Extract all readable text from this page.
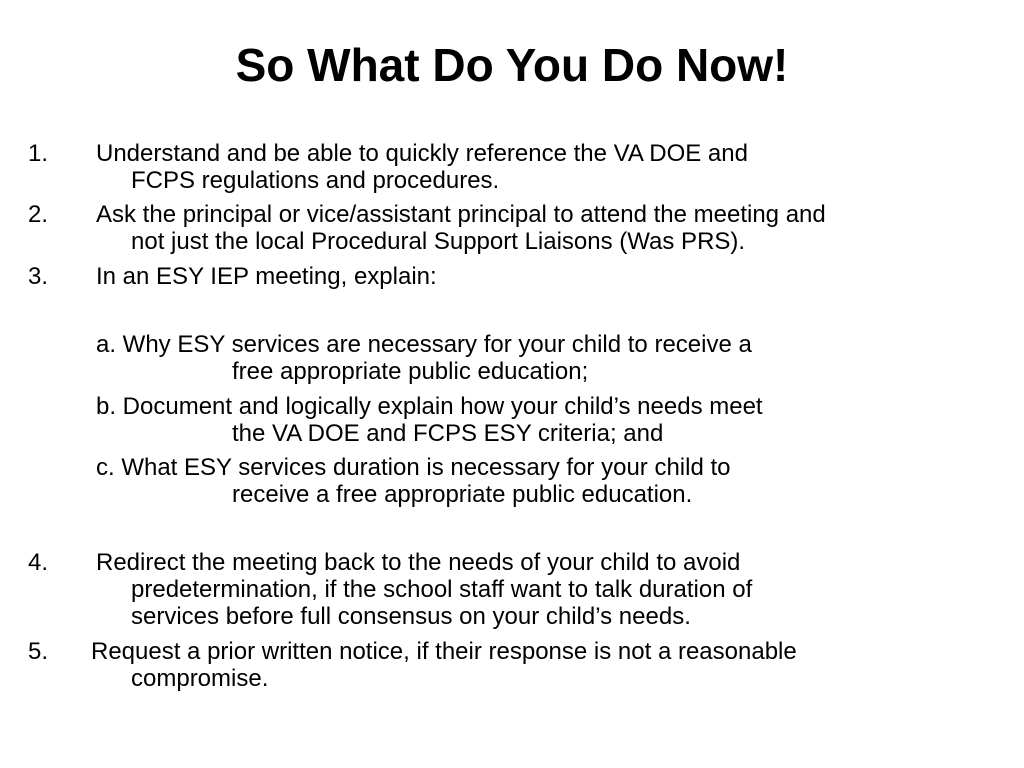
So What Do You Do Now!
1. Understand and be able to quickly reference the VA DOE and
FCPS regulations and procedures.
2. Ask the principal or vice/assistant principal to attend the meeting and
not just the local Procedural Support Liaisons (Was PRS).
3. In an ESY IEP meeting, explain:
a. Why ESY services are necessary for your child to receive a
free appropriate public education;
b. Document and logically explain how your child’s needs meet
the VA DOE and FCPS ESY criteria; and
c. What ESY services duration is necessary for your child to
receive a free appropriate public education.
4. Redirect the meeting back to the needs of your child to avoid
predetermination, if the school staff want to talk duration of
services before full consensus on your child’s needs.
5. Request a prior written notice, if their response is not a reasonable
compromise.
